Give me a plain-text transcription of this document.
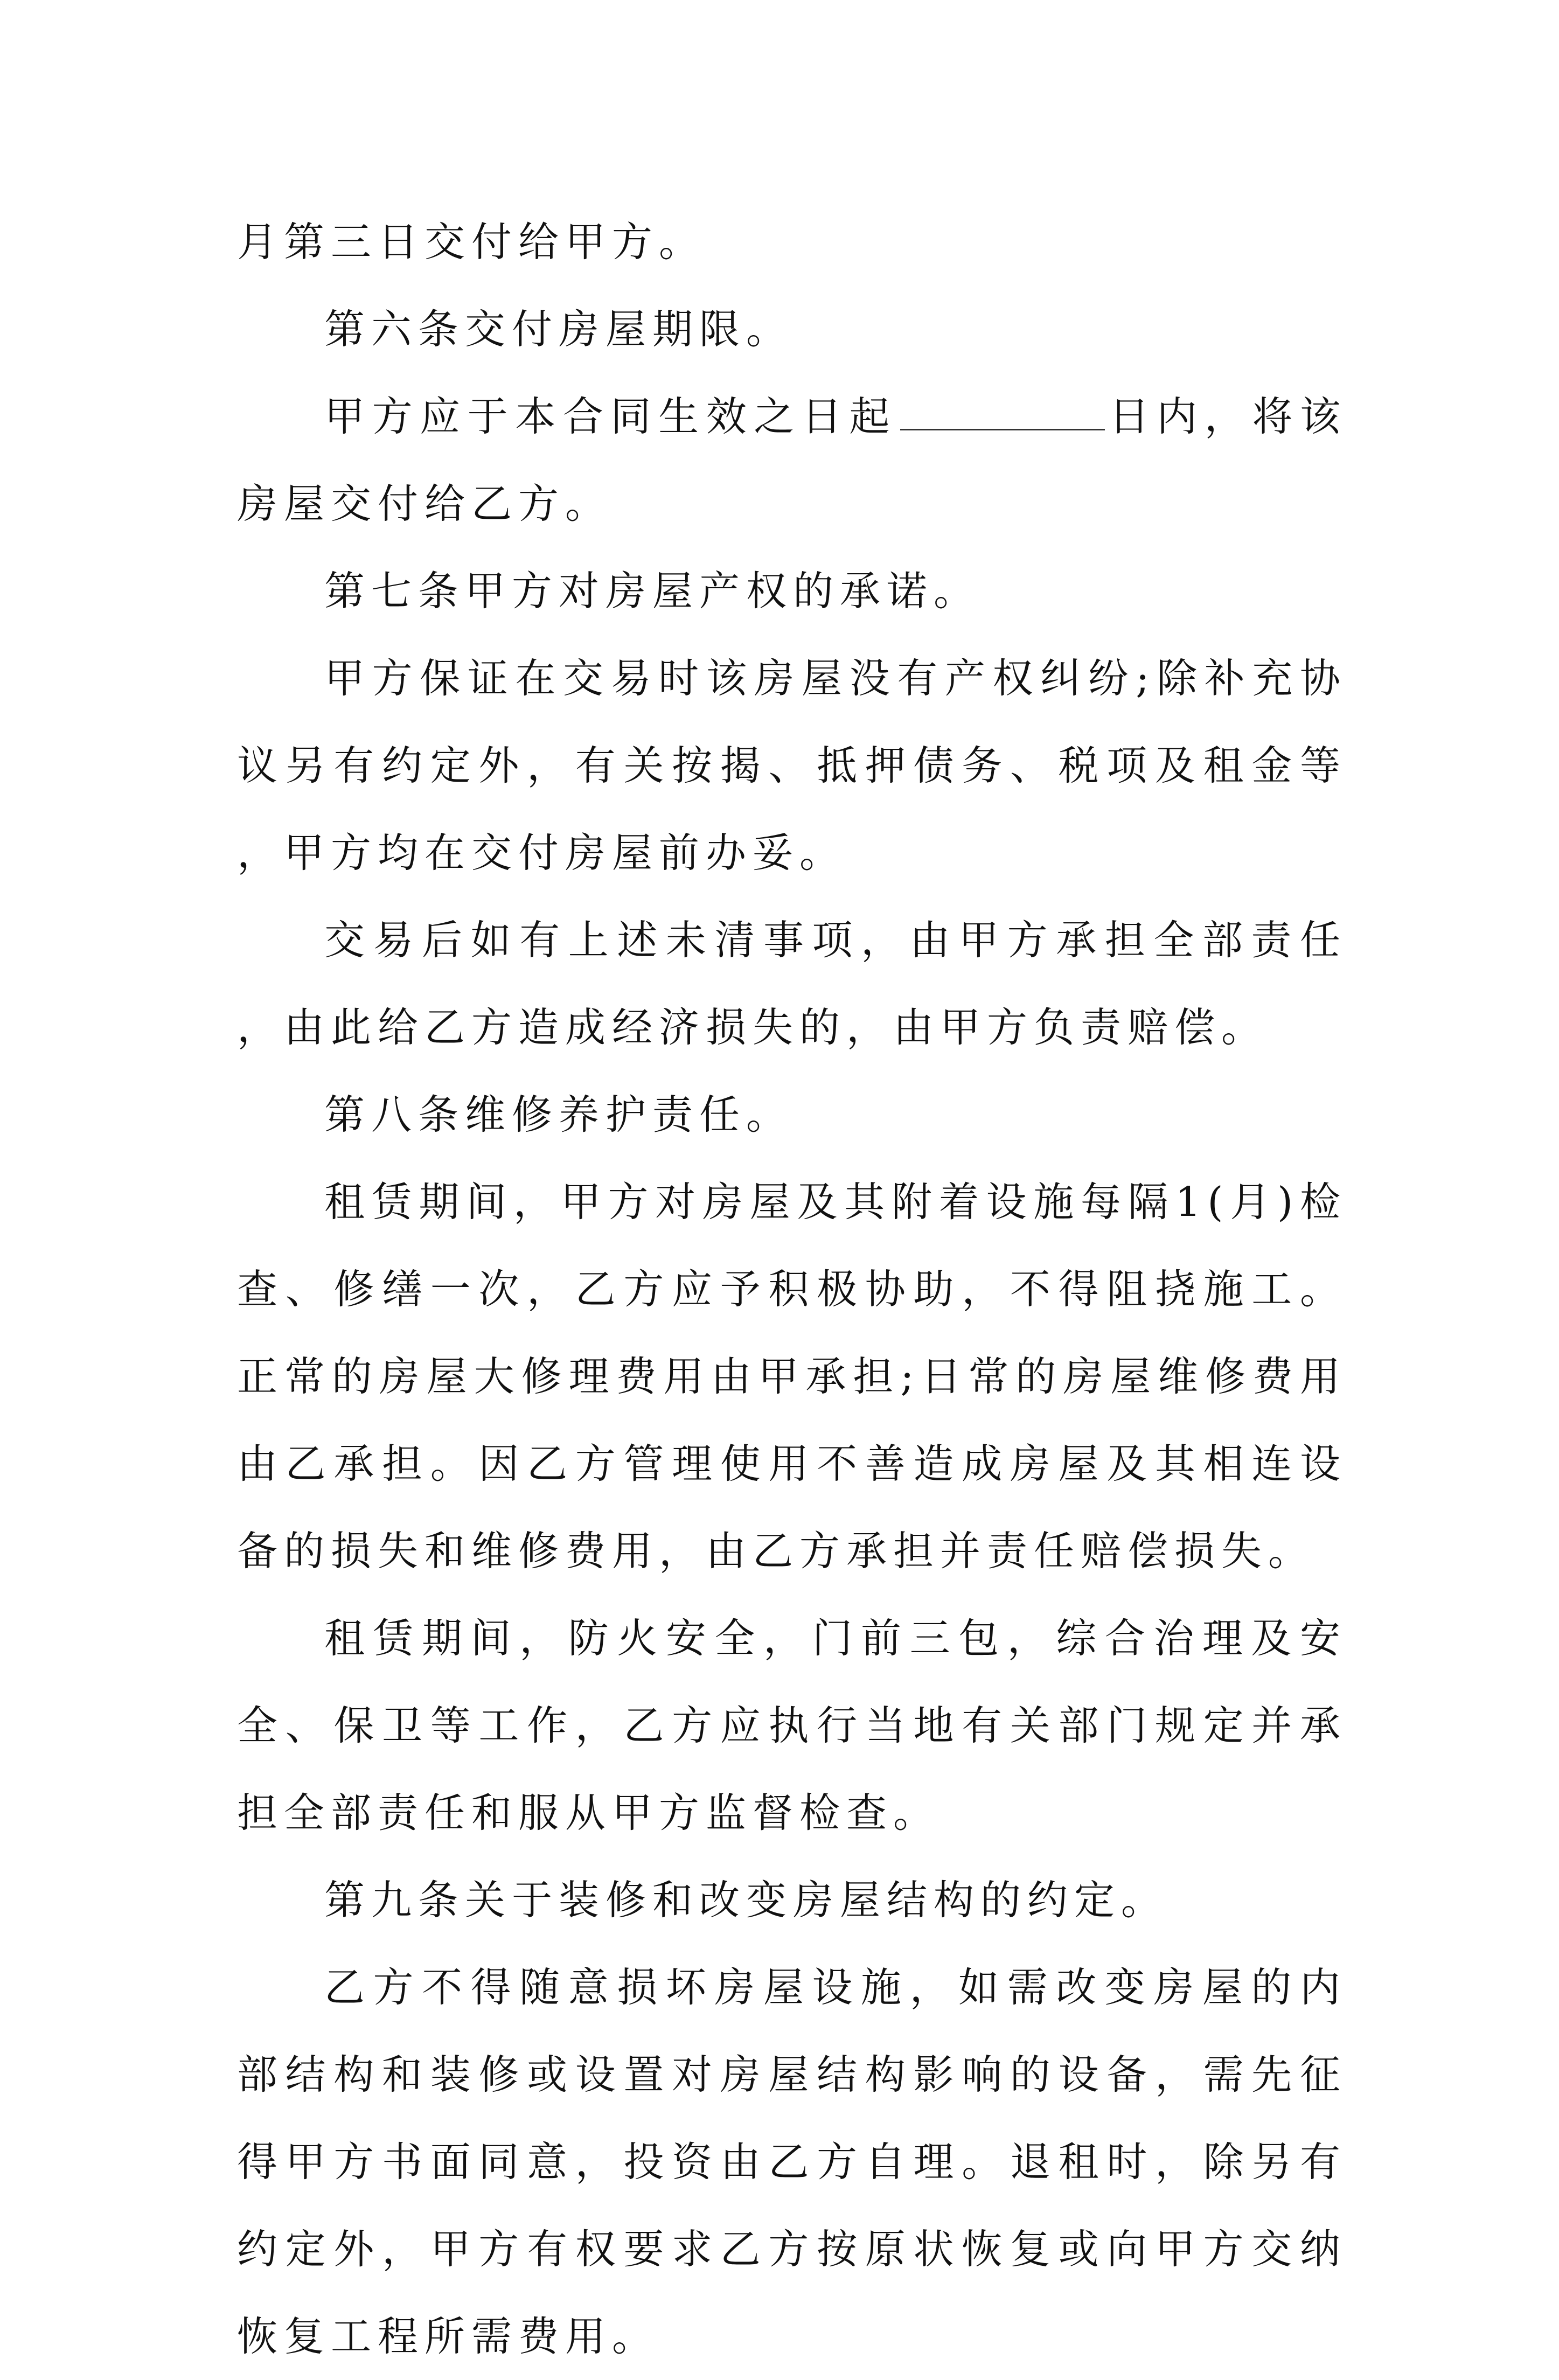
月第三日交付给甲方。

第六条交付房屋期限。

甲方应于本合同生效之日起	日内，将该房屋交付给乙方。

第七条甲方对房屋产权的承诺。

甲方保证在交易时该房屋没有产权纠纷;除补充协议另有约定外，有关按揭、抵押债务、税项及租金等，甲方均在交付房屋前办妥。

交易后如有上述未清事项，由甲方承担全部责任，由此给乙方造成经济损失的，由甲方负责赔偿。

第八条维修养护责任。

租赁期间，甲方对房屋及其附着设施每隔1(月)检查、修缮一次，乙方应予积极协助，不得阻挠施工。正常的房屋大修理费用由甲承担;日常的房屋维修费用由乙承担。因乙方管理使用不善造成房屋及其相连设备的损失和维修费用，由乙方承担并责任赔偿损失。

租赁期间，防火安全，门前三包，综合治理及安全、保卫等工作，乙方应执行当地有关部门规定并承担全部责任和服从甲方监督检查。

第九条关于装修和改变房屋结构的约定。

乙方不得随意损坏房屋设施，如需改变房屋的内部结构和装修或设置对房屋结构影响的设备，需先征得甲方书面同意，投资由乙方自理。退租时，除另有约定外，甲方有权要求乙方按原状恢复或向甲方交纳恢复工程所需费用。
